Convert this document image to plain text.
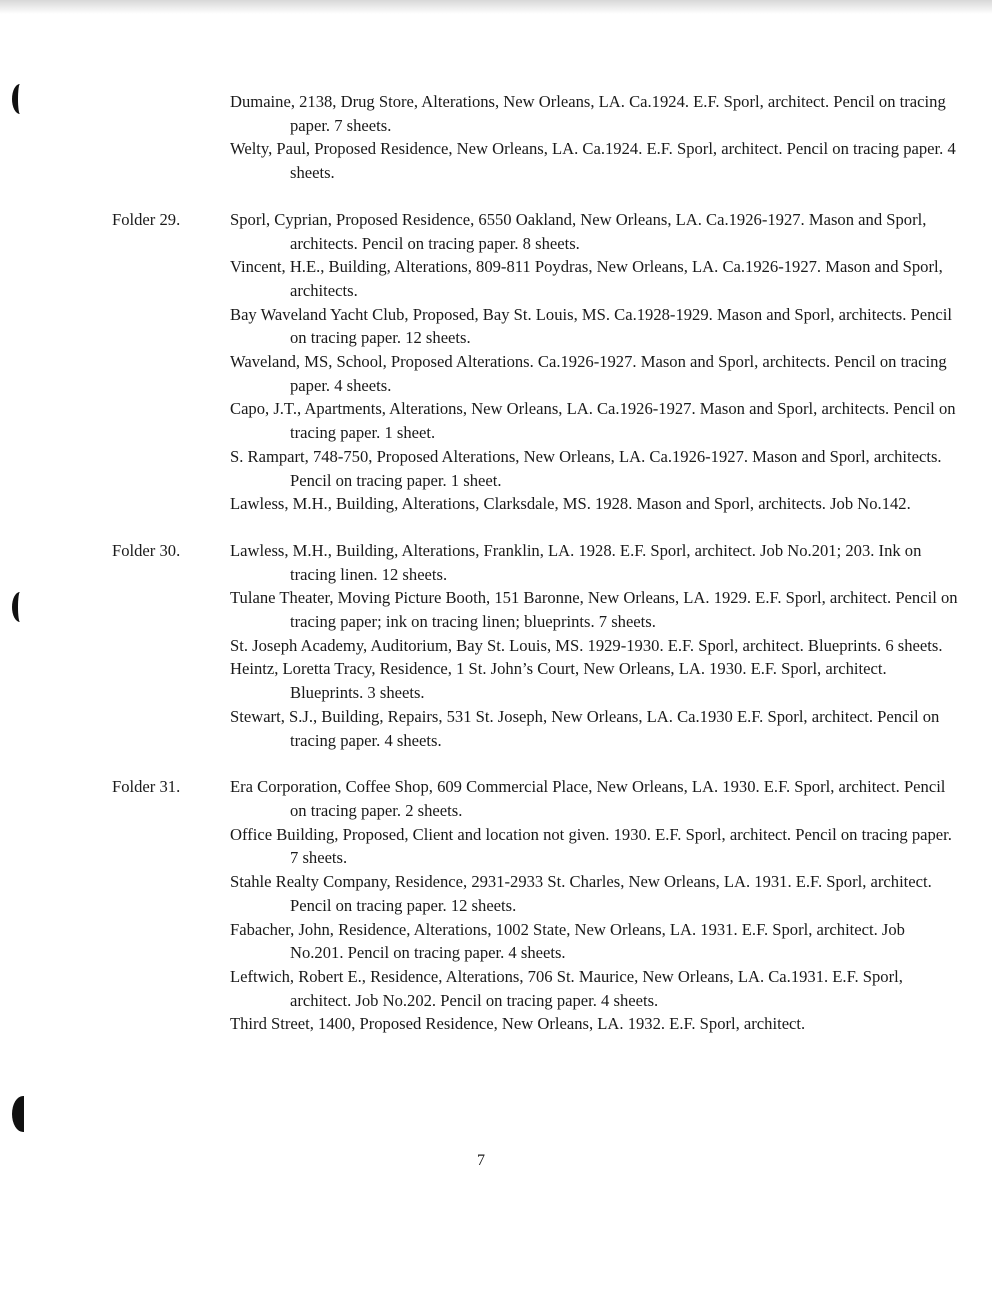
Dumaine, 2138, Drug Store, Alterations, New Orleans, LA. Ca.1924. E.F. Sporl, architect. Pencil on tracing paper. 7 sheets.

Welty, Paul, Proposed Residence, New Orleans, LA. Ca.1924. E.F. Sporl, architect. Pencil on tracing paper. 4 sheets.

Folder 29.	Sporl, Cyprian, Proposed Residence, 6550 Oakland, New Orleans, LA. Ca.1926-1927. Mason and Sporl, architects. Pencil on tracing paper. 8 sheets.

Vincent, H.E., Building, Alterations, 809-811 Poydras, New Orleans, LA. Ca.1926-1927. Mason and Sporl, architects.

Bay Waveland Yacht Club, Proposed, Bay St. Louis, MS. Ca.1928-1929. Mason and Sporl, architects. Pencil on tracing paper. 12 sheets.

Waveland, MS, School, Proposed Alterations. Ca.1926-1927. Mason and Sporl, architects. Pencil on tracing paper. 4 sheets.

Capo, J.T., Apartments, Alterations, New Orleans, LA. Ca.1926-1927. Mason and Sporl, architects. Pencil on tracing paper. 1 sheet.

S. Rampart, 748-750, Proposed Alterations, New Orleans, LA. Ca.1926-1927. Mason and Sporl, architects. Pencil on tracing paper. 1 sheet.

Lawless, M.H., Building, Alterations, Clarksdale, MS. 1928. Mason and Sporl, architects. Job No.142.

Folder 30.	Lawless, M.H., Building, Alterations, Franklin, LA. 1928. E.F. Sporl, architect. Job No.201; 203. Ink on tracing linen. 12 sheets.

Tulane Theater, Moving Picture Booth, 151 Baronne, New Orleans, LA. 1929. E.F. Sporl, architect. Pencil on tracing paper; ink on tracing linen; blueprints. 7 sheets.

St. Joseph Academy, Auditorium, Bay St. Louis, MS. 1929-1930. E.F. Sporl, architect. Blueprints. 6 sheets.

Heintz, Loretta Tracy, Residence, 1 St. John’s Court, New Orleans, LA. 1930. E.F. Sporl, architect. Blueprints. 3 sheets.

Stewart, S.J., Building, Repairs, 531 St. Joseph, New Orleans, LA. Ca.1930 E.F. Sporl, architect. Pencil on tracing paper. 4 sheets.

Folder 31.	Era Corporation, Coffee Shop, 609 Commercial Place, New Orleans, LA. 1930. E.F. Sporl, architect. Pencil on tracing paper. 2 sheets.

Office Building, Proposed, Client and location not given. 1930. E.F. Sporl, architect. Pencil on tracing paper. 7 sheets.

Stahle Realty Company, Residence, 2931-2933 St. Charles, New Orleans, LA. 1931. E.F. Sporl, architect. Pencil on tracing paper. 12 sheets.

Fabacher, John, Residence, Alterations, 1002 State, New Orleans, LA. 1931. E.F. Sporl, architect. Job No.201. Pencil on tracing paper. 4 sheets.

Leftwich, Robert E., Residence, Alterations, 706 St. Maurice, New Orleans, LA. Ca.1931. E.F. Sporl, architect. Job No.202. Pencil on tracing paper. 4 sheets.

Third Street, 1400, Proposed Residence, New Orleans, LA. 1932. E.F. Sporl, architect.

7
